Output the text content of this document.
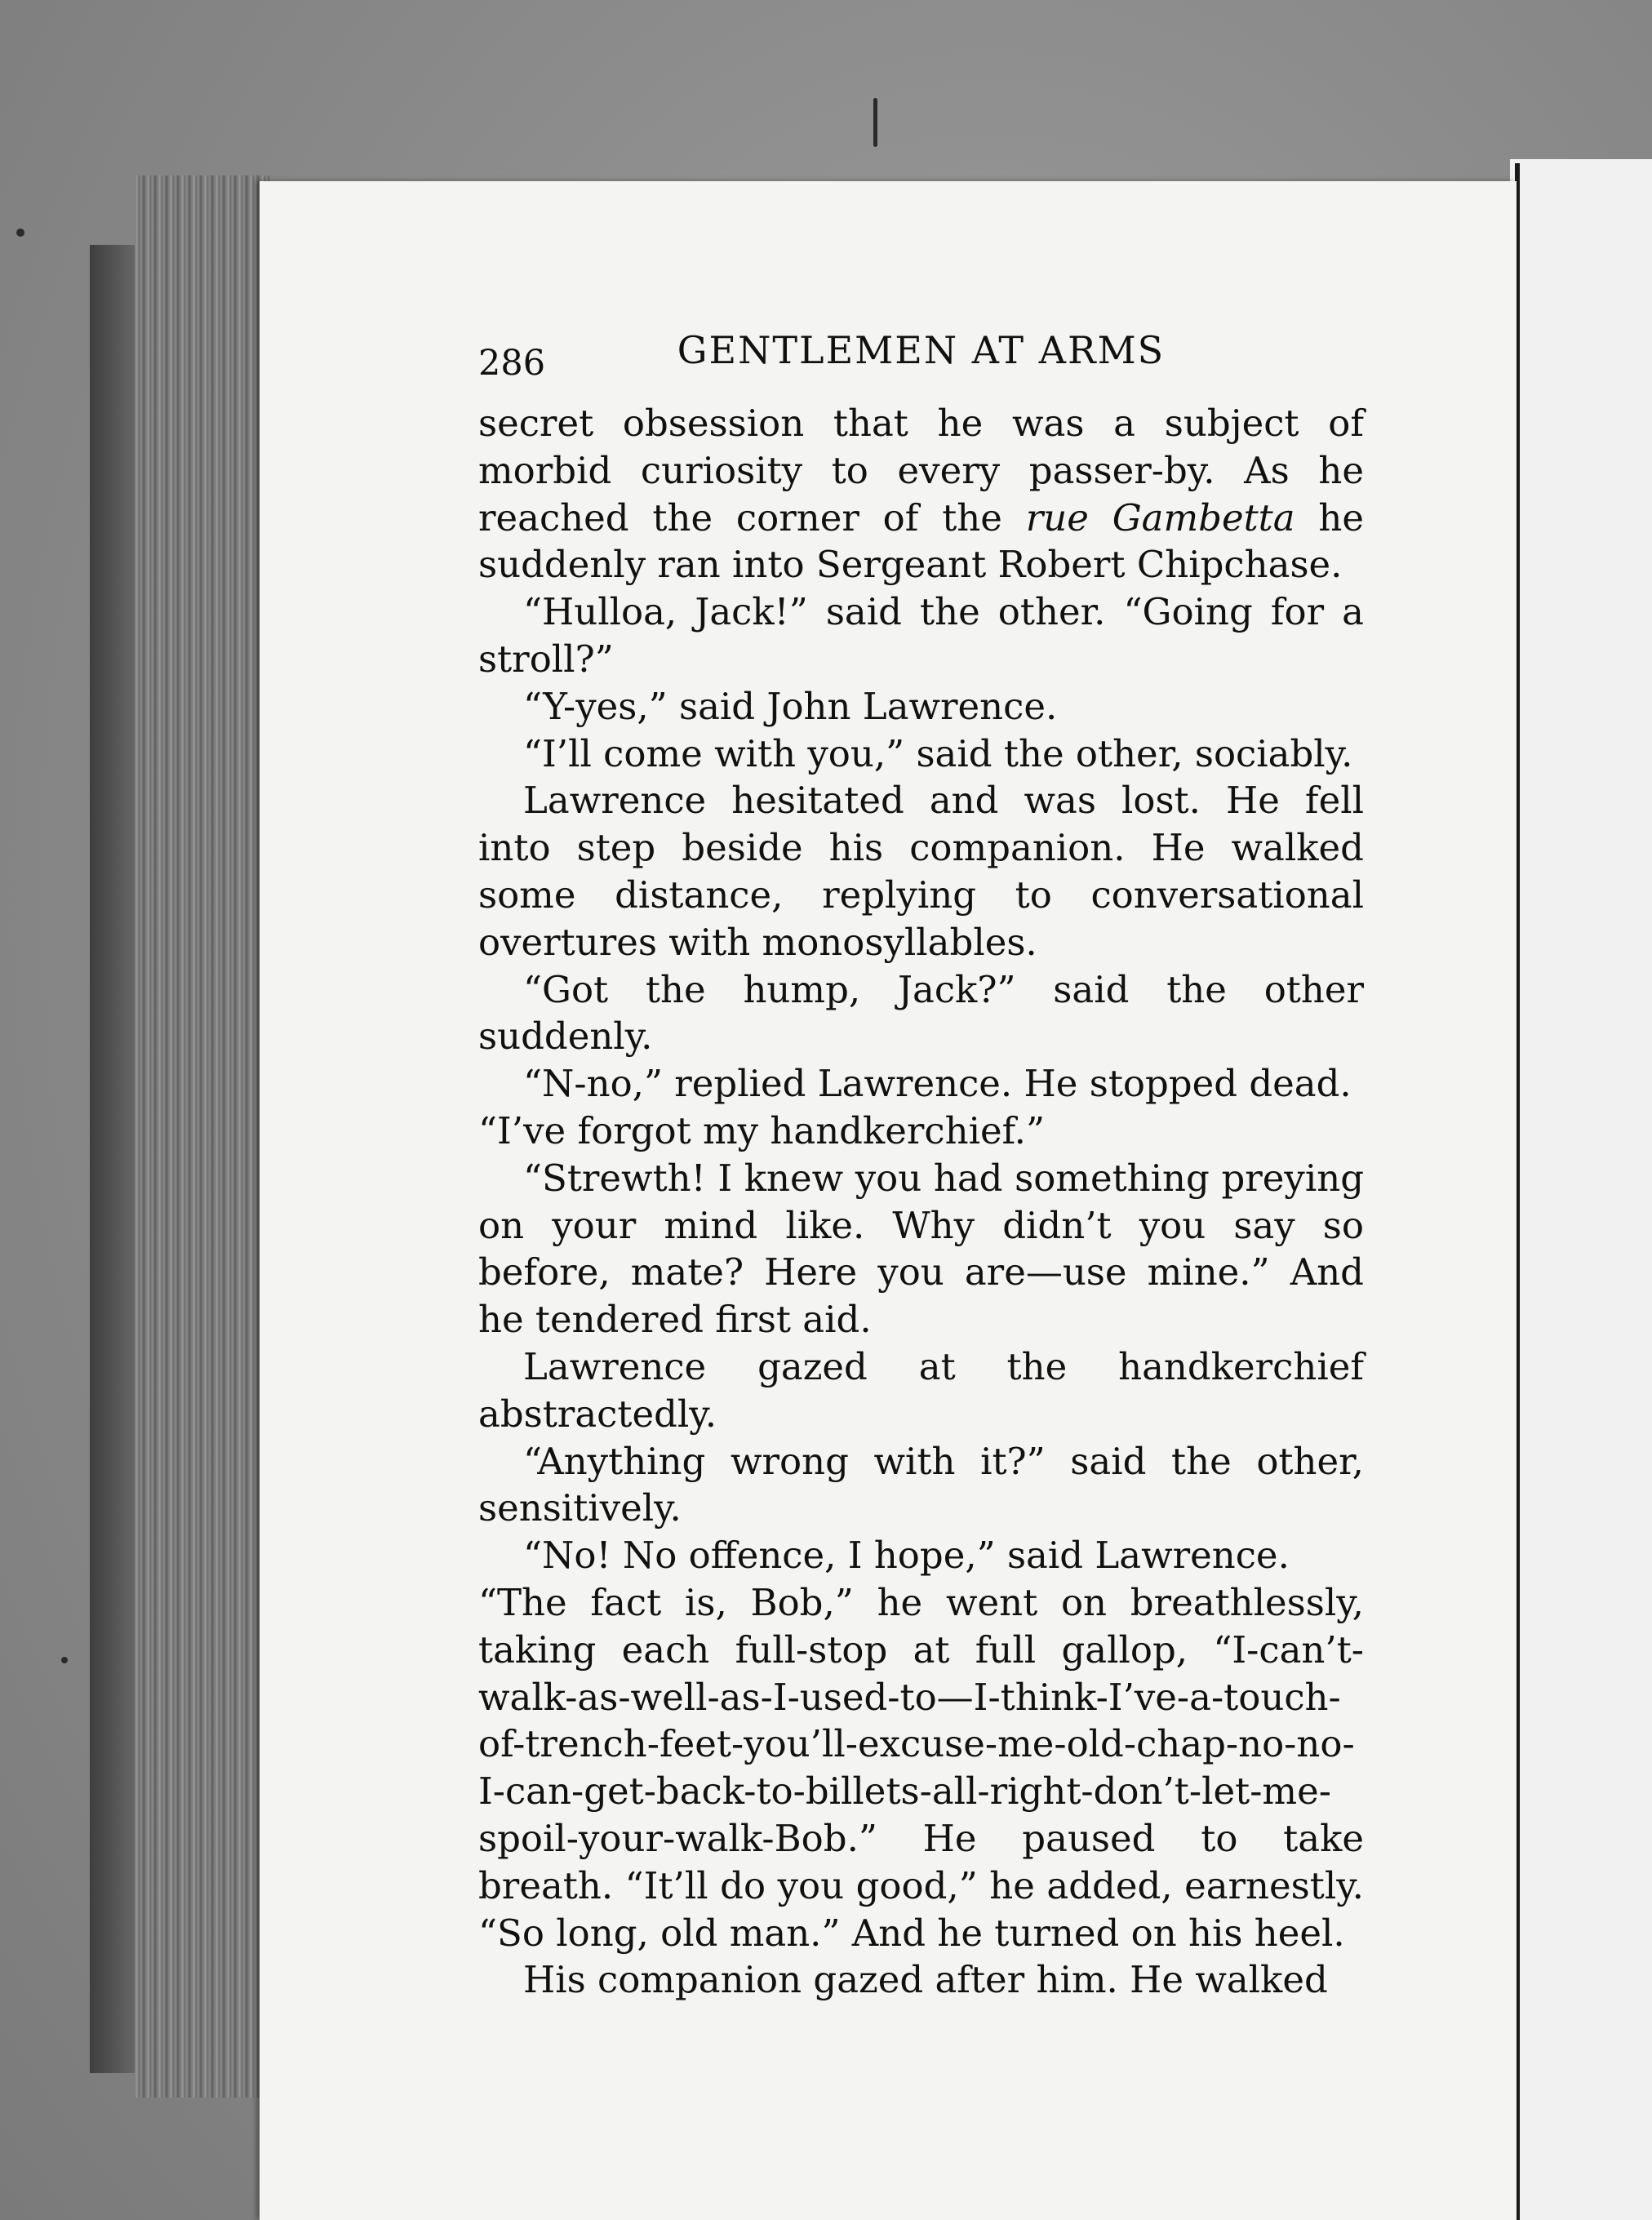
286	GENTLEMEN AT ARMS

secret obsession that he was a subject of morbid curiosity to every passer-by. As he reached the corner of the rue Gambetta he suddenly ran into Sergeant Robert Chipchase.

“Hulloa, Jack!” said the other. “Going for a stroll?”

“Y-yes,” said John Lawrence.

“I’ll come with you,” said the other, sociably.

Lawrence hesitated and was lost. He fell into step beside his companion. He walked some distance, replying to conversational overtures with monosyllables.

“Got the hump, Jack?” said the other suddenly.

“N-no,” replied Lawrence. He stopped dead.

“I’ve forgot my handkerchief.”

“Strewth! I knew you had something preying on your mind like. Why didn’t you say so before, mate? Here you are—use mine.” And he tendered first aid.

Lawrence gazed at the handkerchief abstractedly.

“Anything wrong with it?” said the other, sensitively.

“No! No offence, I hope,” said Lawrence.

“The fact is, Bob,” he went on breathlessly, taking each full-stop at full gallop, “I-can’t-walk-as-well-as-I-used-to—I-think-I’ve-a-touch-of-trench-feet-you’ll-excuse-me-old-chap-no-no-I-can-get-back-to-billets-all-right-don’t-let-me-spoil-your-walk-Bob.” He paused to take breath. “It’ll do you good,” he added, earnestly. “So long, old man.” And he turned on his heel.

His companion gazed after him. He walked
